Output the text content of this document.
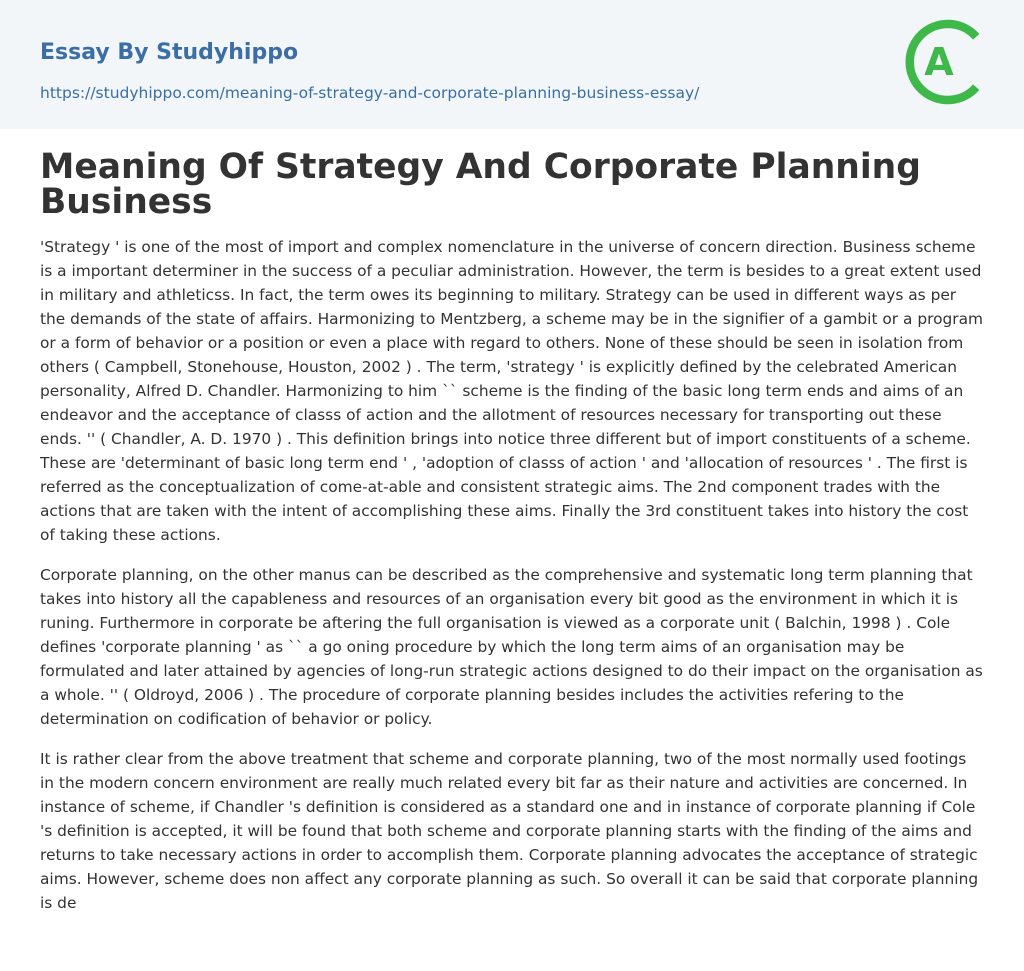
Essay By Studyhippo
https://studyhippo.com/meaning-of-strategy-and-corporate-planning-business-essay/
A
Meaning Of Strategy And Corporate Planning Business

'Strategy ' is one of the most of import and complex nomenclature in the universe of concern direction. Business scheme is a important determiner in the success of a peculiar administration. However, the term is besides to a great extent used in military and athleticss. In fact, the term owes its beginning to military. Strategy can be used in different ways as per the demands of the state of affairs. Harmonizing to Mentzberg, a scheme may be in the signifier of a gambit or a program or a form of behavior or a position or even a place with regard to others. None of these should be seen in isolation from others ( Campbell, Stonehouse, Houston, 2002 ) . The term, 'strategy ' is explicitly defined by the celebrated American personality, Alfred D. Chandler. Harmonizing to him `` scheme is the finding of the basic long term ends and aims of an endeavor and the acceptance of classs of action and the allotment of resources necessary for transporting out these ends. '' ( Chandler, A. D. 1970 ) . This definition brings into notice three different but of import constituents of a scheme. These are 'determinant of basic long term end ' , 'adoption of classs of action ' and 'allocation of resources ' . The first is referred as the conceptualization of come-at-able and consistent strategic aims. The 2nd component trades with the actions that are taken with the intent of accomplishing these aims. Finally the 3rd constituent takes into history the cost of taking these actions.

Corporate planning, on the other manus can be described as the comprehensive and systematic long term planning that takes into history all the capableness and resources of an organisation every bit good as the environment in which it is runing. Furthermore in corporate be aftering the full organisation is viewed as a corporate unit ( Balchin, 1998 ) . Cole defines 'corporate planning ' as `` a go oning procedure by which the long term aims of an organisation may be formulated and later attained by agencies of long-run strategic actions designed to do their impact on the organisation as a whole. '' ( Oldroyd, 2006 ) . The procedure of corporate planning besides includes the activities refering to the determination on codification of behavior or policy.

It is rather clear from the above treatment that scheme and corporate planning, two of the most normally used footings in the modern concern environment are really much related every bit far as their nature and activities are concerned. In instance of scheme, if Chandler 's definition is considered as a standard one and in instance of corporate planning if Cole 's definition is accepted, it will be found that both scheme and corporate planning starts with the finding of the aims and returns to take necessary actions in order to accomplish them. Corporate planning advocates the acceptance of strategic aims. However, scheme does non affect any corporate planning as such. So overall it can be said that corporate planning is de
